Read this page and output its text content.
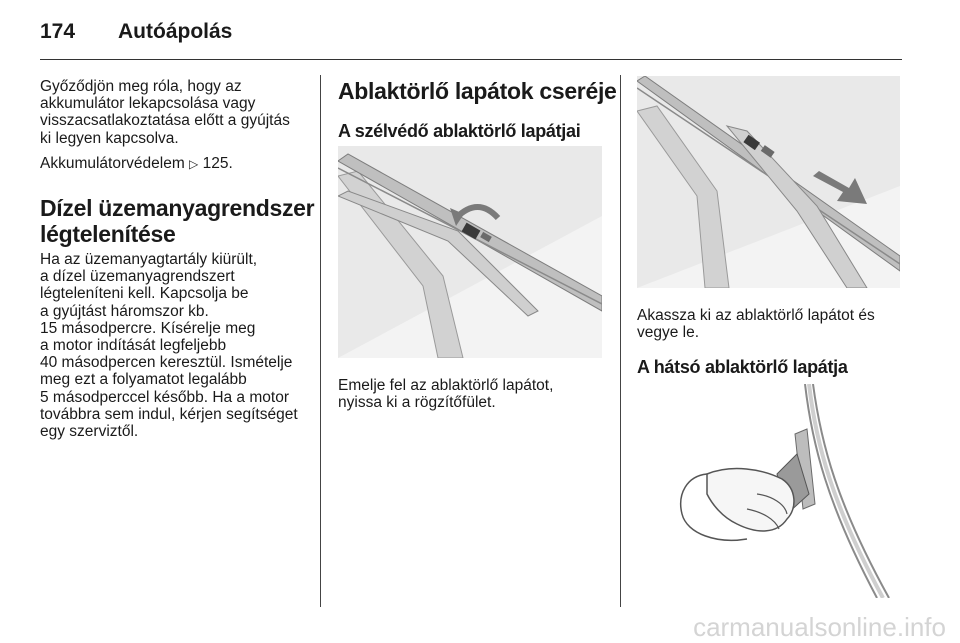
174 Autóápolás
Győződjön meg róla, hogy az
akkumulátor lekapcsolása vagy
visszacsatlakoztatása előtt a gyújtás
ki legyen kapcsolva.
Akkumulátorvédelem ▷ 125.
Dízel üzemanyagrendszer
légtelenítése
Ha az üzemanyagtartály kiürült,
a dízel üzemanyagrendszert
légteleníteni kell. Kapcsolja be
a gyújtást háromszor kb.
15 másodpercre. Kísérelje meg
a motor indítását legfeljebb
40 másodpercen keresztül. Ismételje
meg ezt a folyamatot legalább
5 másodperccel később. Ha a motor
továbbra sem indul, kérjen segítséget
egy szerviztől.
Ablaktörlő lapátok cseréje
A szélvédő ablaktörlő lapátjai
Emelje fel az ablaktörlő lapátot,
nyissa ki a rögzítőfület.
Akassza ki az ablaktörlő lapátot és
vegye le.
A hátsó ablaktörlő lapátja
carmanualsonline.info
